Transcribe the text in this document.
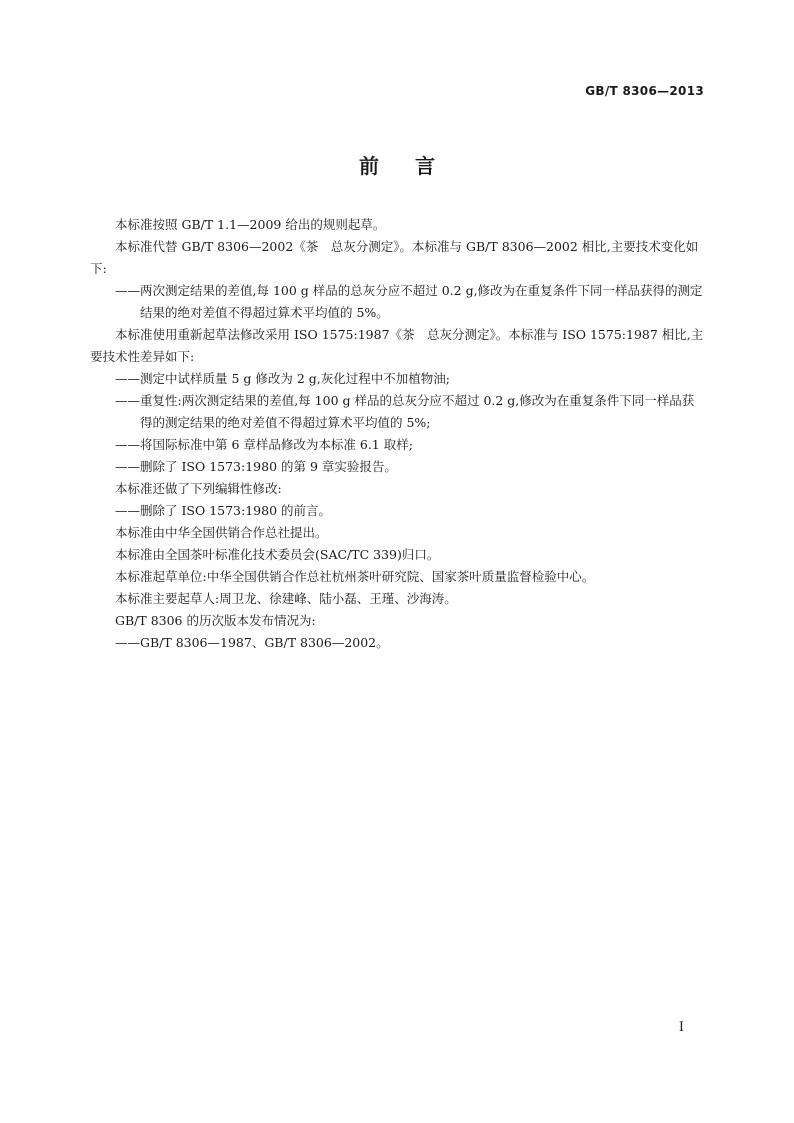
GB/T 8306—2013
前言

本标准按照 GB/T 1.1—2009 给出的规则起草。

本标准代替 GB/T 8306—2002《茶　总灰分测定》。本标准与 GB/T 8306—2002 相比,主要技术变化如下:

——两次测定结果的差值,每 100 g 样品的总灰分应不超过 0.2 g,修改为在重复条件下同一样品获得的测定结果的绝对差值不得超过算术平均值的 5%。

本标准使用重新起草法修改采用 ISO 1575:1987《茶　总灰分测定》。本标准与 ISO 1575:1987 相比,主要技术性差异如下:

——测定中试样质量 5 g 修改为 2 g,灰化过程中不加植物油;

——重复性:两次测定结果的差值,每 100 g 样品的总灰分应不超过 0.2 g,修改为在重复条件下同一样品获得的测定结果的绝对差值不得超过算术平均值的 5%;

——将国际标准中第 6 章样品修改为本标准 6.1 取样;

——删除了 ISO 1573:1980 的第 9 章实验报告。

本标准还做了下列编辑性修改:

——删除了 ISO 1573:1980 的前言。

本标准由中华全国供销合作总社提出。

本标准由全国茶叶标准化技术委员会(SAC/TC 339)归口。

本标准起草单位:中华全国供销合作总社杭州茶叶研究院、国家茶叶质量监督检验中心。

本标准主要起草人:周卫龙、徐建峰、陆小磊、王瑾、沙海涛。

GB/T 8306 的历次版本发布情况为:

——GB/T 8306—1987、GB/T 8306—2002。

I
